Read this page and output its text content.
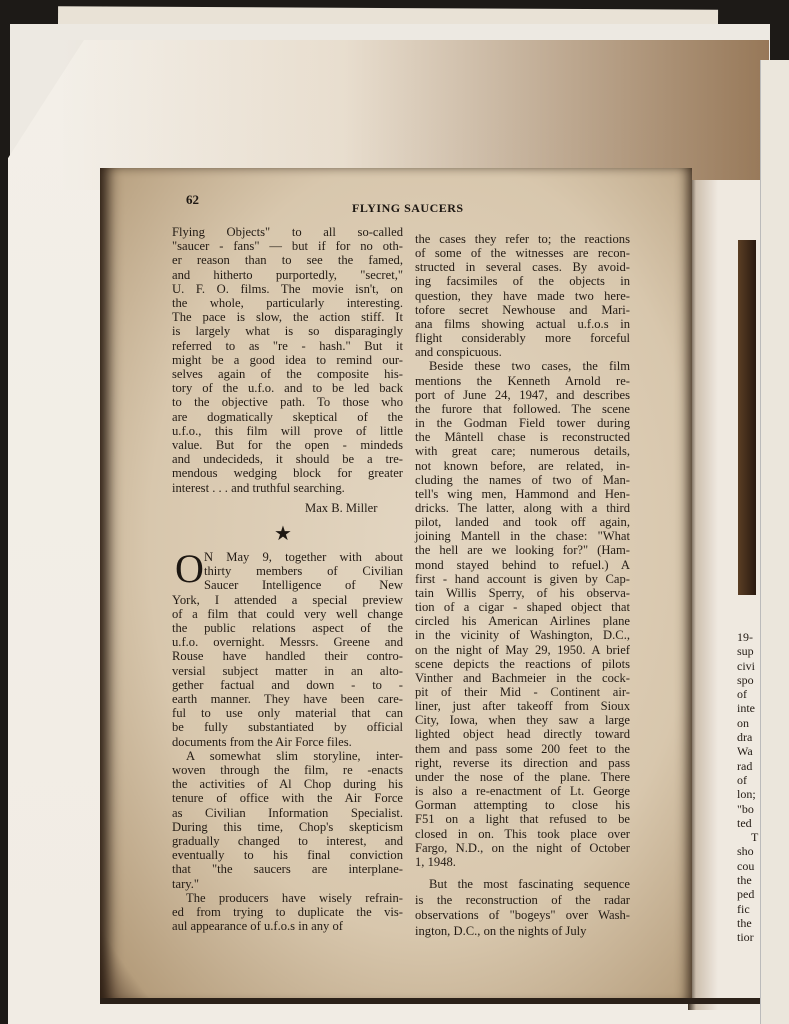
62
FLYING SAUCERS
Flying Objects" to all so-called
"saucer - fans" — but if for no oth-
er reason than to see the famed,
and hitherto purportedly, "secret,"
U. F. O. films. The movie isn't, on
the whole, particularly interesting.
The pace is slow, the action stiff. It
is largely what is so disparagingly
referred to as "re - hash." But it
might be a good idea to remind our-
selves again of the composite his-
tory of the u.f.o. and to be led back
to the objective path. To those who
are dogmatically skeptical of the
u.f.o., this film will prove of little
value. But for the open - mindeds
and undecideds, it should be a tre-
mendous wedging block for greater
interest . . . and truthful searching.
Max B. Miller
★
O N May 9, together with about
thirty members of Civilian
Saucer Intelligence of New
York, I attended a special preview
of a film that could very well change
the public relations aspect of the
u.f.o. overnight. Messrs. Greene and
Rouse have handled their contro-
versial subject matter in an alto-
gether factual and down - to -
earth manner. They have been care-
ful to use only material that can
be fully substantiated by official
documents from the Air Force files.
A somewhat slim storyline, inter-
woven through the film, re -enacts
the activities of Al Chop during his
tenure of office with the Air Force
as Civilian Information Specialist.
During this time, Chop's skepticism
gradually changed to interest, and
eventually to his final conviction
that "the saucers are interplane-
tary."
The producers have wisely refrain-
ed from trying to duplicate the vis-
aul appearance of u.f.o.s in any of
the cases they refer to; the reactions
of some of the witnesses are recon-
structed in several cases. By avoid-
ing facsimiles of the objects in
question, they have made two here-
tofore secret Newhouse and Mari-
ana films showing actual u.f.o.s in
flight considerably more forceful
and conspicuous.
Beside these two cases, the film
mentions the Kenneth Arnold re-
port of June 24, 1947, and describes
the furore that followed. The scene
in the Godman Field tower during
the Mântell chase is reconstructed
with great care; numerous details,
not known before, are related, in-
cluding the names of two of Man-
tell's wing men, Hammond and Hen-
dricks. The latter, along with a third
pilot, landed and took off again,
joining Mantell in the chase: "What
the hell are we looking for?" (Ham-
mond stayed behind to refuel.) A
first - hand account is given by Cap-
tain Willis Sperry, of his observa-
tion of a cigar - shaped object that
circled his American Airlines plane
in the vicinity of Washington, D.C.,
on the night of May 29, 1950. A brief
scene depicts the reactions of pilots
Vinther and Bachmeier in the cock-
pit of their Mid - Continent air-
liner, just after takeoff from Sioux
City, Iowa, when they saw a large
lighted object head directly toward
them and pass some 200 feet to the
right, reverse its direction and pass
under the nose of the plane. There
is also a re-enactment of Lt. George
Gorman attempting to close his
F51 on a light that refused to be
closed in on. This took place over
Fargo, N.D., on the night of October
1, 1948.
But the most fascinating sequence
is the reconstruction of the radar
observations of "bogeys" over Wash-
ington, D.C., on the nights of July
19-
sup
civi
spo
of
inte
on
dra
Wa
rad
of
lon;
"bo
ted
T
sho
cou
the
ped
fic
the
tior
